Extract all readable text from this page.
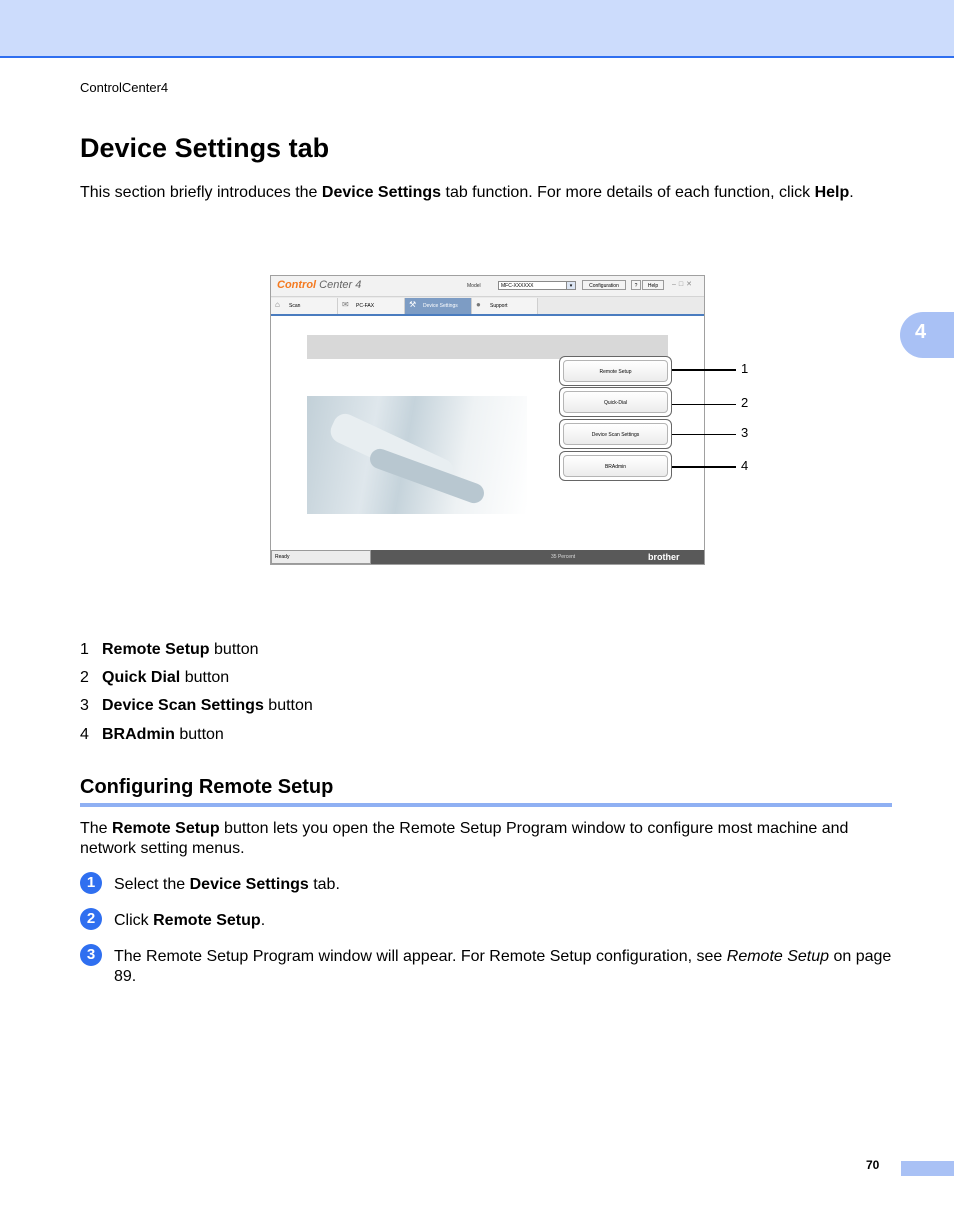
ControlCenter4
4
Device Settings tab

This section briefly introduces the Device Settings tab function. For more details of each function, click Help.

Control Center 4	Model	MFC-XXXXXX	▾	Configuration	?	Help	–□✕
⌂	Scan	✉	PC-FAX	⚒	Device Settings	●	Support
Remote Setup
Quick-Dial
Device Scan Settings
BRAdmin
Ready	35 Percent	brother
1
2
3
4

1 Remote Setup button

2 Quick Dial button

3 Device Scan Settings button

4 BRAdmin button

Configuring Remote Setup

The Remote Setup button lets you open the Remote Setup Program window to configure most machine and network setting menus.

1	Select the Device Settings tab.

2	Click Remote Setup.

3	The Remote Setup Program window will appear. For Remote Setup configuration, see Remote Setup on page 89.

70
